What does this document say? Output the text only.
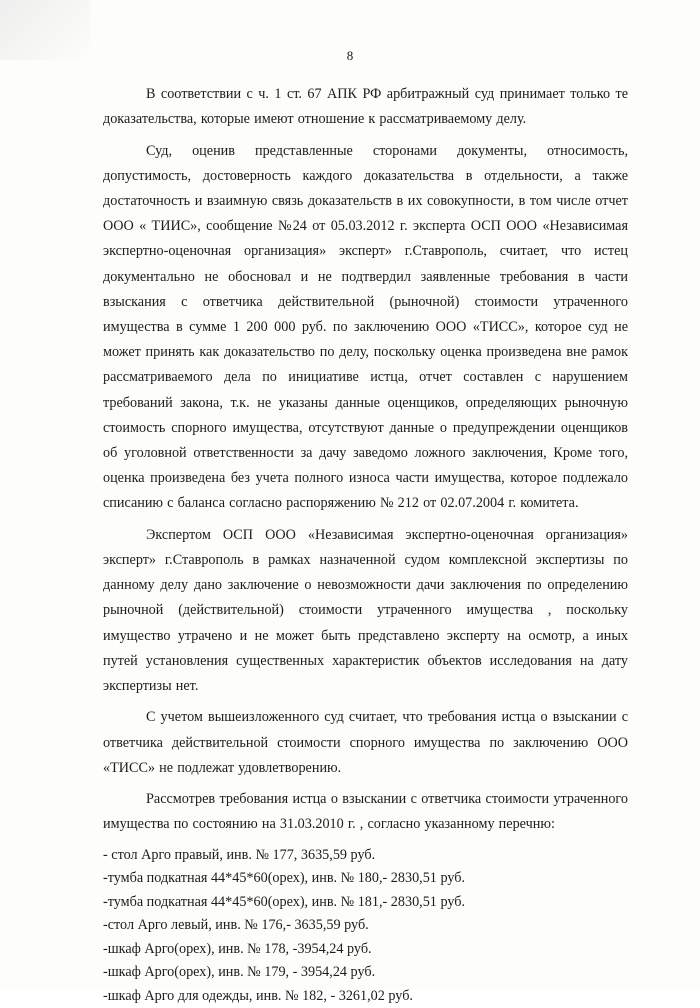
8

В соответствии с ч. 1 ст. 67 АПК РФ арбитражный суд принимает только те доказательства, которые имеют отношение к рассматриваемому делу.

Суд, оценив представленные сторонами документы, относимость, допустимость, достоверность каждого доказательства в отдельности, а также достаточность и взаимную связь доказательств в их совокупности, в том числе отчет ООО « ТИИС», сообщение №24 от 05.03.2012 г. эксперта ОСП ООО «Независимая экспертно-оценочная организация» эксперт» г.Ставрополь, считает, что истец документально не обосновал и не подтвердил заявленные требования в части взыскания с ответчика действительной (рыночной) стоимости утраченного имущества в сумме 1 200 000 руб. по заключению ООО «ТИСС», которое суд не может принять как доказательство по делу, поскольку оценка произведена вне рамок рассматриваемого дела по инициативе истца, отчет составлен с нарушением требований закона, т.к. не указаны данные оценщиков, определяющих рыночную стоимость спорного имущества, отсутствуют данные о предупреждении оценщиков об уголовной ответственности за дачу заведомо ложного заключения, Кроме того, оценка произведена без учета полного износа части имущества, которое подлежало списанию с баланса согласно распоряжению № 212 от 02.07.2004 г. комитета.

Экспертом ОСП ООО «Независимая экспертно-оценочная организация» эксперт» г.Ставрополь в рамках назначенной судом комплексной экспертизы по данному делу дано заключение о невозможности дачи заключения по определению рыночной (действительной) стоимости утраченного имущества , поскольку имущество утрачено и не может быть представлено эксперту на осмотр, а иных путей установления существенных характеристик объектов исследования на дату экспертизы нет.

С учетом вышеизложенного суд считает, что требования истца о взыскании с ответчика действительной стоимости спорного имущества по заключению ООО «ТИСС» не подлежат удовлетворению.

Рассмотрев требования истца о взыскании с ответчика стоимости утраченного имущества по состоянию на 31.03.2010 г. , согласно указанному перечню:

- стол Арго правый, инв. № 177, 3635,59 руб.
-тумба подкатная 44*45*60(орех), инв. № 180,- 2830,51 руб.
-тумба подкатная 44*45*60(орех), инв. № 181,- 2830,51 руб.
-стол Арго левый, инв. № 176,- 3635,59 руб.
-шкаф Арго(орех), инв. № 178, -3954,24 руб.
-шкаф Арго(орех), инв. № 179, - 3954,24 руб.
-шкаф Арго для одежды, инв. № 182, - 3261,02 руб.
